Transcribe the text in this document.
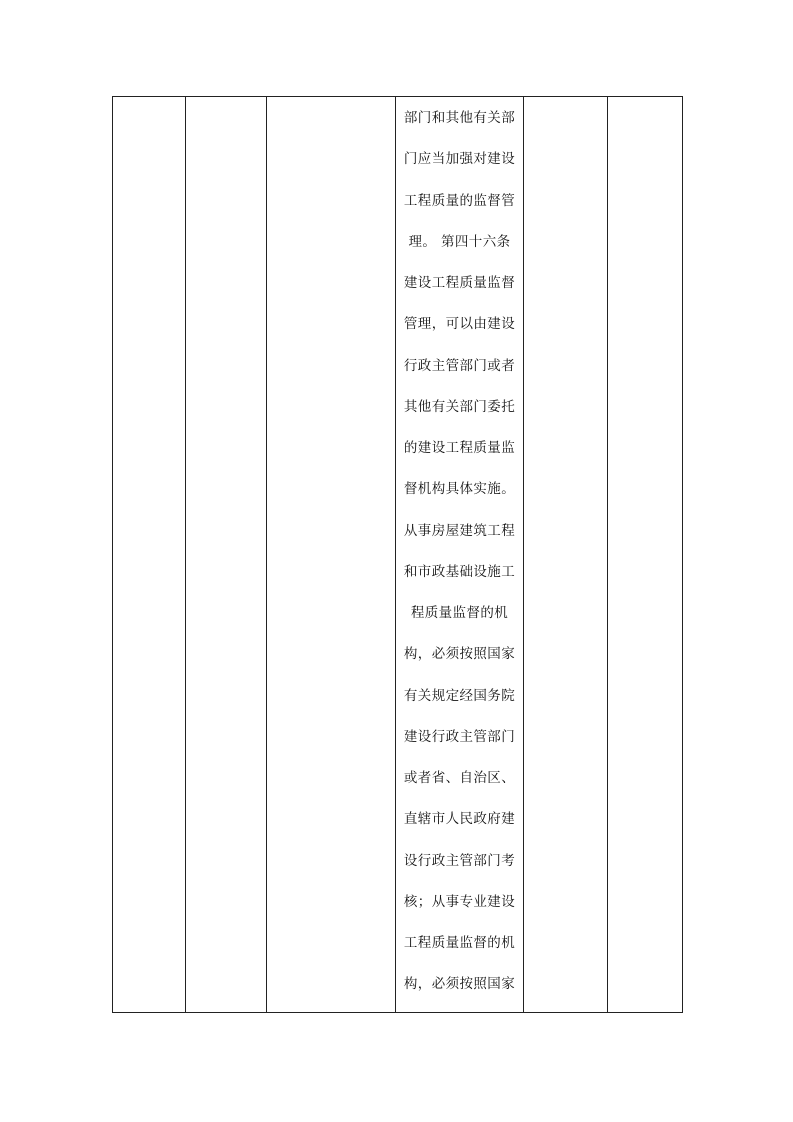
部门和其他有关部
门应当加强对建设
工程质量的监督管
理。 第四十六条
建设工程质量监督
管理，可以由建设
行政主管部门或者
其他有关部门委托
的建设工程质量监
督机构具体实施。
从事房屋建筑工程
和市政基础设施工
程质量监督的机
构，必须按照国家
有关规定经国务院
建设行政主管部门
或者省、自治区、
直辖市人民政府建
设行政主管部门考
核；从事专业建设
工程质量监督的机
构，必须按照国家
